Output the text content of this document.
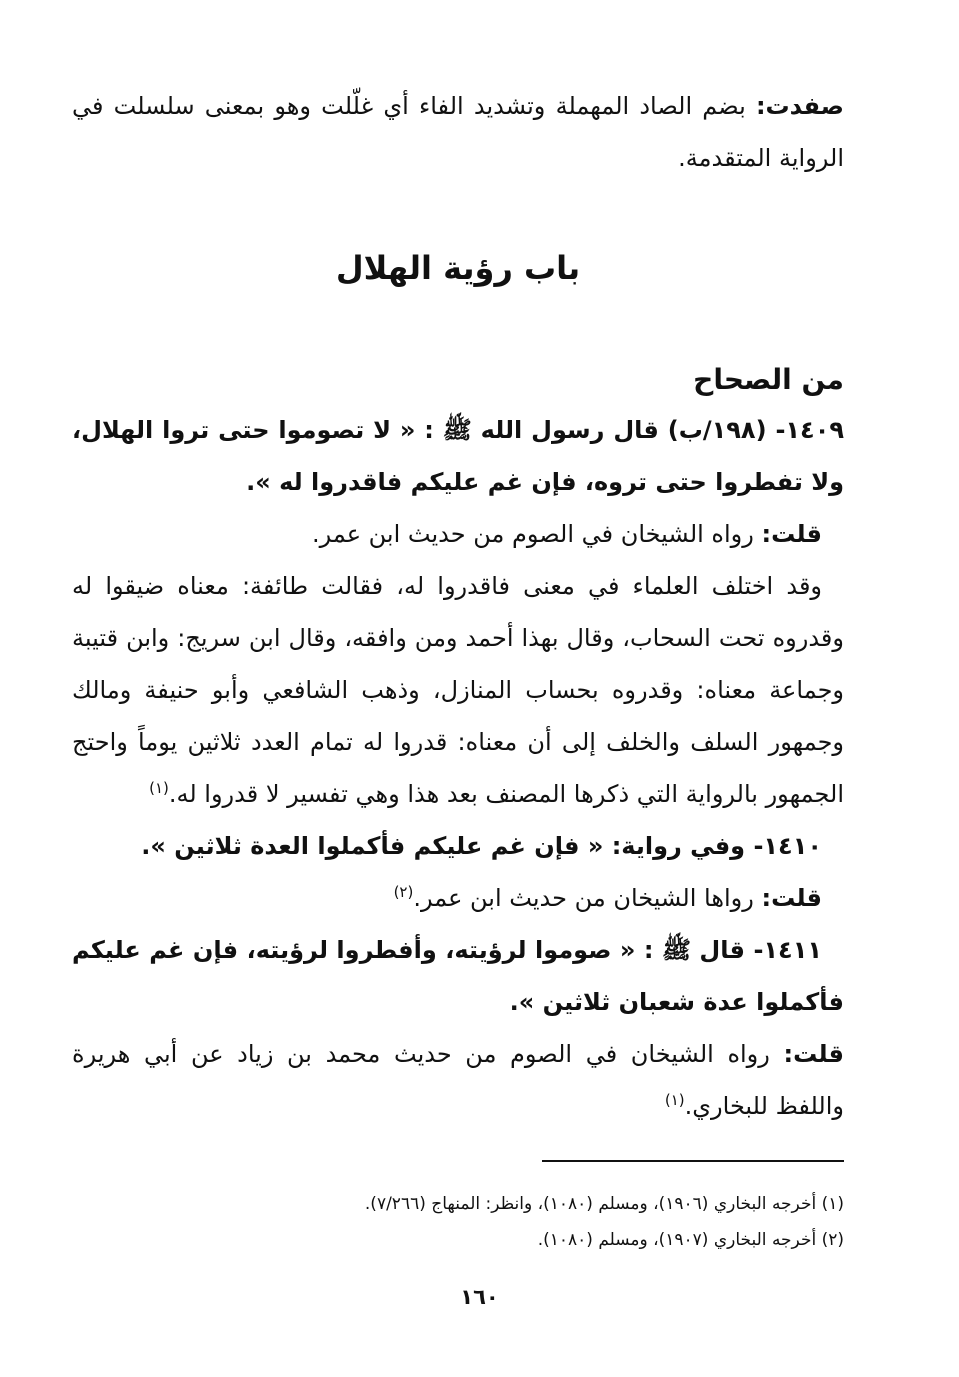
صفدت: بضم الصاد المهملة وتشديد الفاء أي غلّلت وهو بمعنى سلسلت في الرواية المتقدمة.

باب رؤية الهلال
من الصحاح

١٤٠٩- (١٩٨/ب) قال رسول الله ﷺ : « لا تصوموا حتى تروا الهلال، ولا تفطروا حتى تروه، فإن غم عليكم فاقدروا له ».

قلت: رواه الشيخان في الصوم من حديث ابن عمر.

وقد اختلف العلماء في معنى فاقدروا له، فقالت طائفة: معناه ضيقوا له وقدروه تحت السحاب، وقال بهذا أحمد ومن وافقه، وقال ابن سريج: وابن قتيبة وجماعة معناه: وقدروه بحساب المنازل، وذهب الشافعي وأبو حنيفة ومالك وجمهور السلف والخلف إلى أن معناه: قدروا له تمام العدد ثلاثين يوماً واحتج الجمهور بالرواية التي ذكرها المصنف بعد هذا وهي تفسير لا قدروا له.$^{(١)}$

١٤١٠- وفي رواية: « فإن غم عليكم فأكملوا العدة ثلاثين ».

قلت: رواها الشيخان من حديث ابن عمر.$^{(٢)}$

١٤١١- قال ﷺ : « صوموا لرؤيته، وأفطروا لرؤيته، فإن غم عليكم فأكملوا عدة شعبان ثلاثين ».

قلت: رواه الشيخان في الصوم من حديث محمد بن زياد عن أبي هريرة واللفظ للبخاري.$^{(١)}$

(١) أخرجه البخاري (١٩٠٦)، ومسلم (١٠٨٠)، وانظر: المنهاج (٧/٢٦٦).

(٢) أخرجه البخاري (١٩٠٧)، ومسلم (١٠٨٠).

١٦٠
